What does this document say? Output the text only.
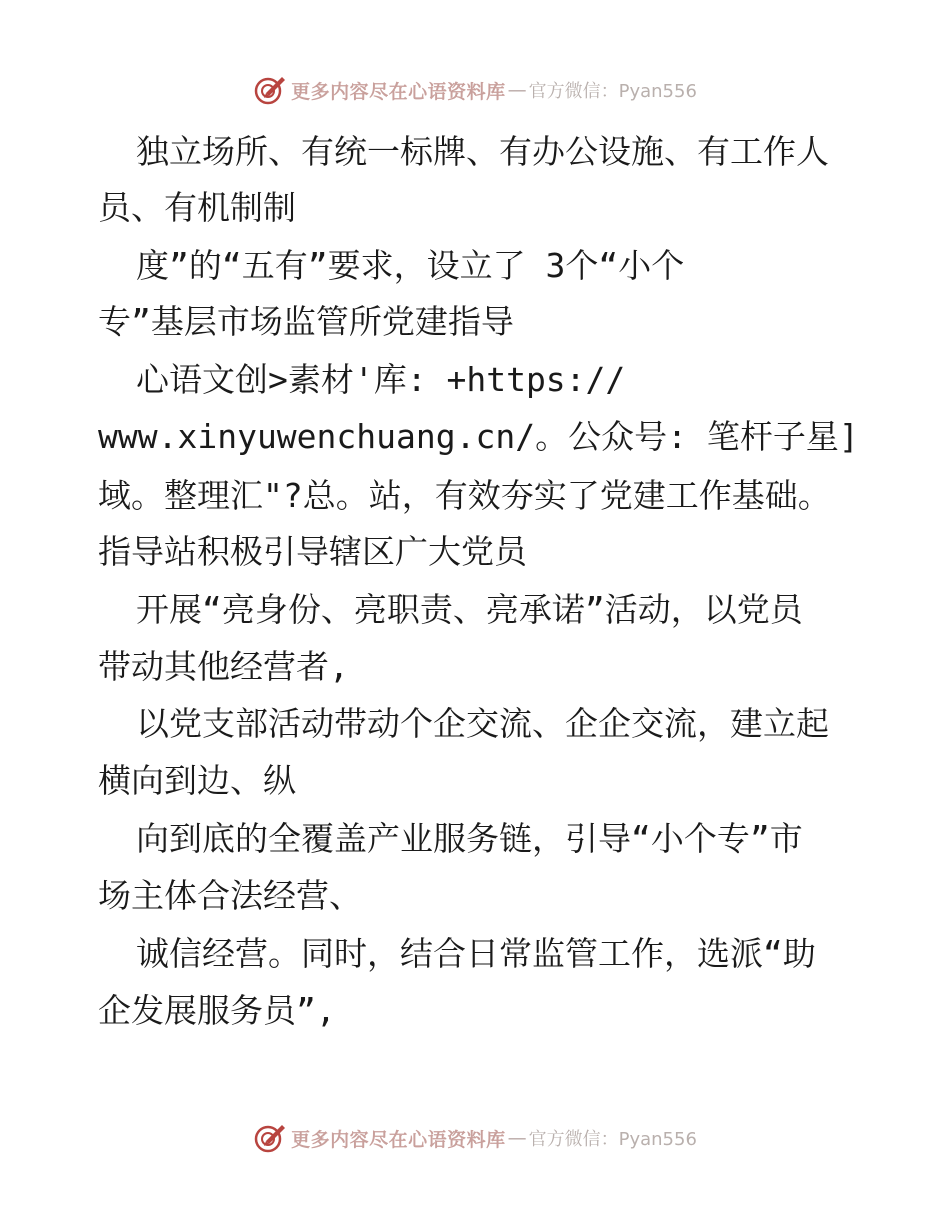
更多内容尽在心语资料库 — 官方微信：Pyan556
独立场所、有统一标牌、有办公设施、有工作人
员、有机制制
度”的“五有”要求，设立了 3个“小个
专”基层市场监管所党建指导
心语文创>素材'库: +https://
www.xinyuwenchuang.cn/。公众号: 笔杆子星]
域。整理汇"?总。站，有效夯实了党建工作基础。
指导站积极引导辖区广大党员
开展“亮身份、亮职责、亮承诺”活动，以党员
带动其他经营者,
以党支部活动带动个企交流、企企交流，建立起
横向到边、纵
向到底的全覆盖产业服务链，引导“小个专”市
场主体合法经营、
诚信经营。同时，结合日常监管工作，选派“助
企发展服务员”,
更多内容尽在心语资料库 — 官方微信：Pyan556
